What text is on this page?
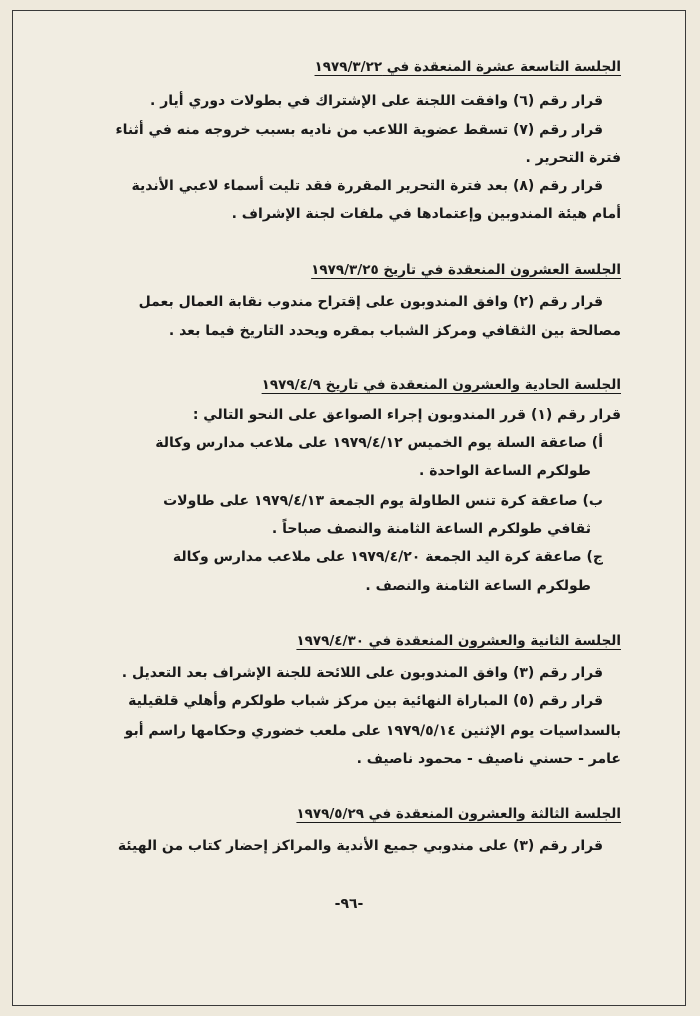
الجلسة التاسعة عشرة المنعقدة في ١٩٧٩/٣/٢٢
قرار رقم (٦) وافقت اللجنة على الإشتراك في بطولات دوري أيار .
قرار رقم (٧) تسقط عضوية اللاعب من ناديه بسبب خروجه منه في أثناء
فترة التحرير .
قرار رقم (٨) بعد فترة التحرير المقررة فقد تليت أسماء لاعبي الأندية
أمام هيئة المندوبين وإعتمادها في ملفات لجنة الإشراف .
الجلسة العشرون المنعقدة في تاريخ ١٩٧٩/٣/٢٥
قرار رقم (٢) وافق المندوبون على إقتراح مندوب نقابة العمال بعمل
مصالحة بين الثقافي ومركز الشباب بمقره ويحدد التاريخ فيما بعد .
الجلسة الحادية والعشرون المنعقدة في تاريخ ١٩٧٩/٤/٩
قرار رقم (١) قرر المندوبون إجراء الصواعق على النحو التالي :
أ) صاعقة السلة يوم الخميس ١٩٧٩/٤/١٢ على ملاعب مدارس وكالة
طولكرم الساعة الواحدة .
ب) صاعقة كرة تنس الطاولة يوم الجمعة ١٩٧٩/٤/١٣ على طاولات
ثقافي طولكرم الساعة الثامنة والنصف صباحاً .
ج) صاعقة كرة اليد الجمعة ١٩٧٩/٤/٢٠ على ملاعب مدارس وكالة
طولكرم الساعة الثامنة والنصف .
الجلسة الثانية والعشرون المنعقدة في ١٩٧٩/٤/٣٠
قرار رقم (٣) وافق المندوبون على اللائحة للجنة الإشراف بعد التعديل .
قرار رقم (٥) المباراة النهائية بين مركز شباب طولكرم وأهلي قلقيلية
بالسداسيات يوم الإثنين ١٩٧٩/٥/١٤ على ملعب خضوري وحكامها راسم أبو
عامر - حسني ناصيف - محمود ناصيف .
الجلسة الثالثة والعشرون المنعقدة في ١٩٧٩/٥/٢٩
قرار رقم (٣) على مندوبي جميع الأندية والمراكز إحضار كتاب من الهيئة
-٩٦-
